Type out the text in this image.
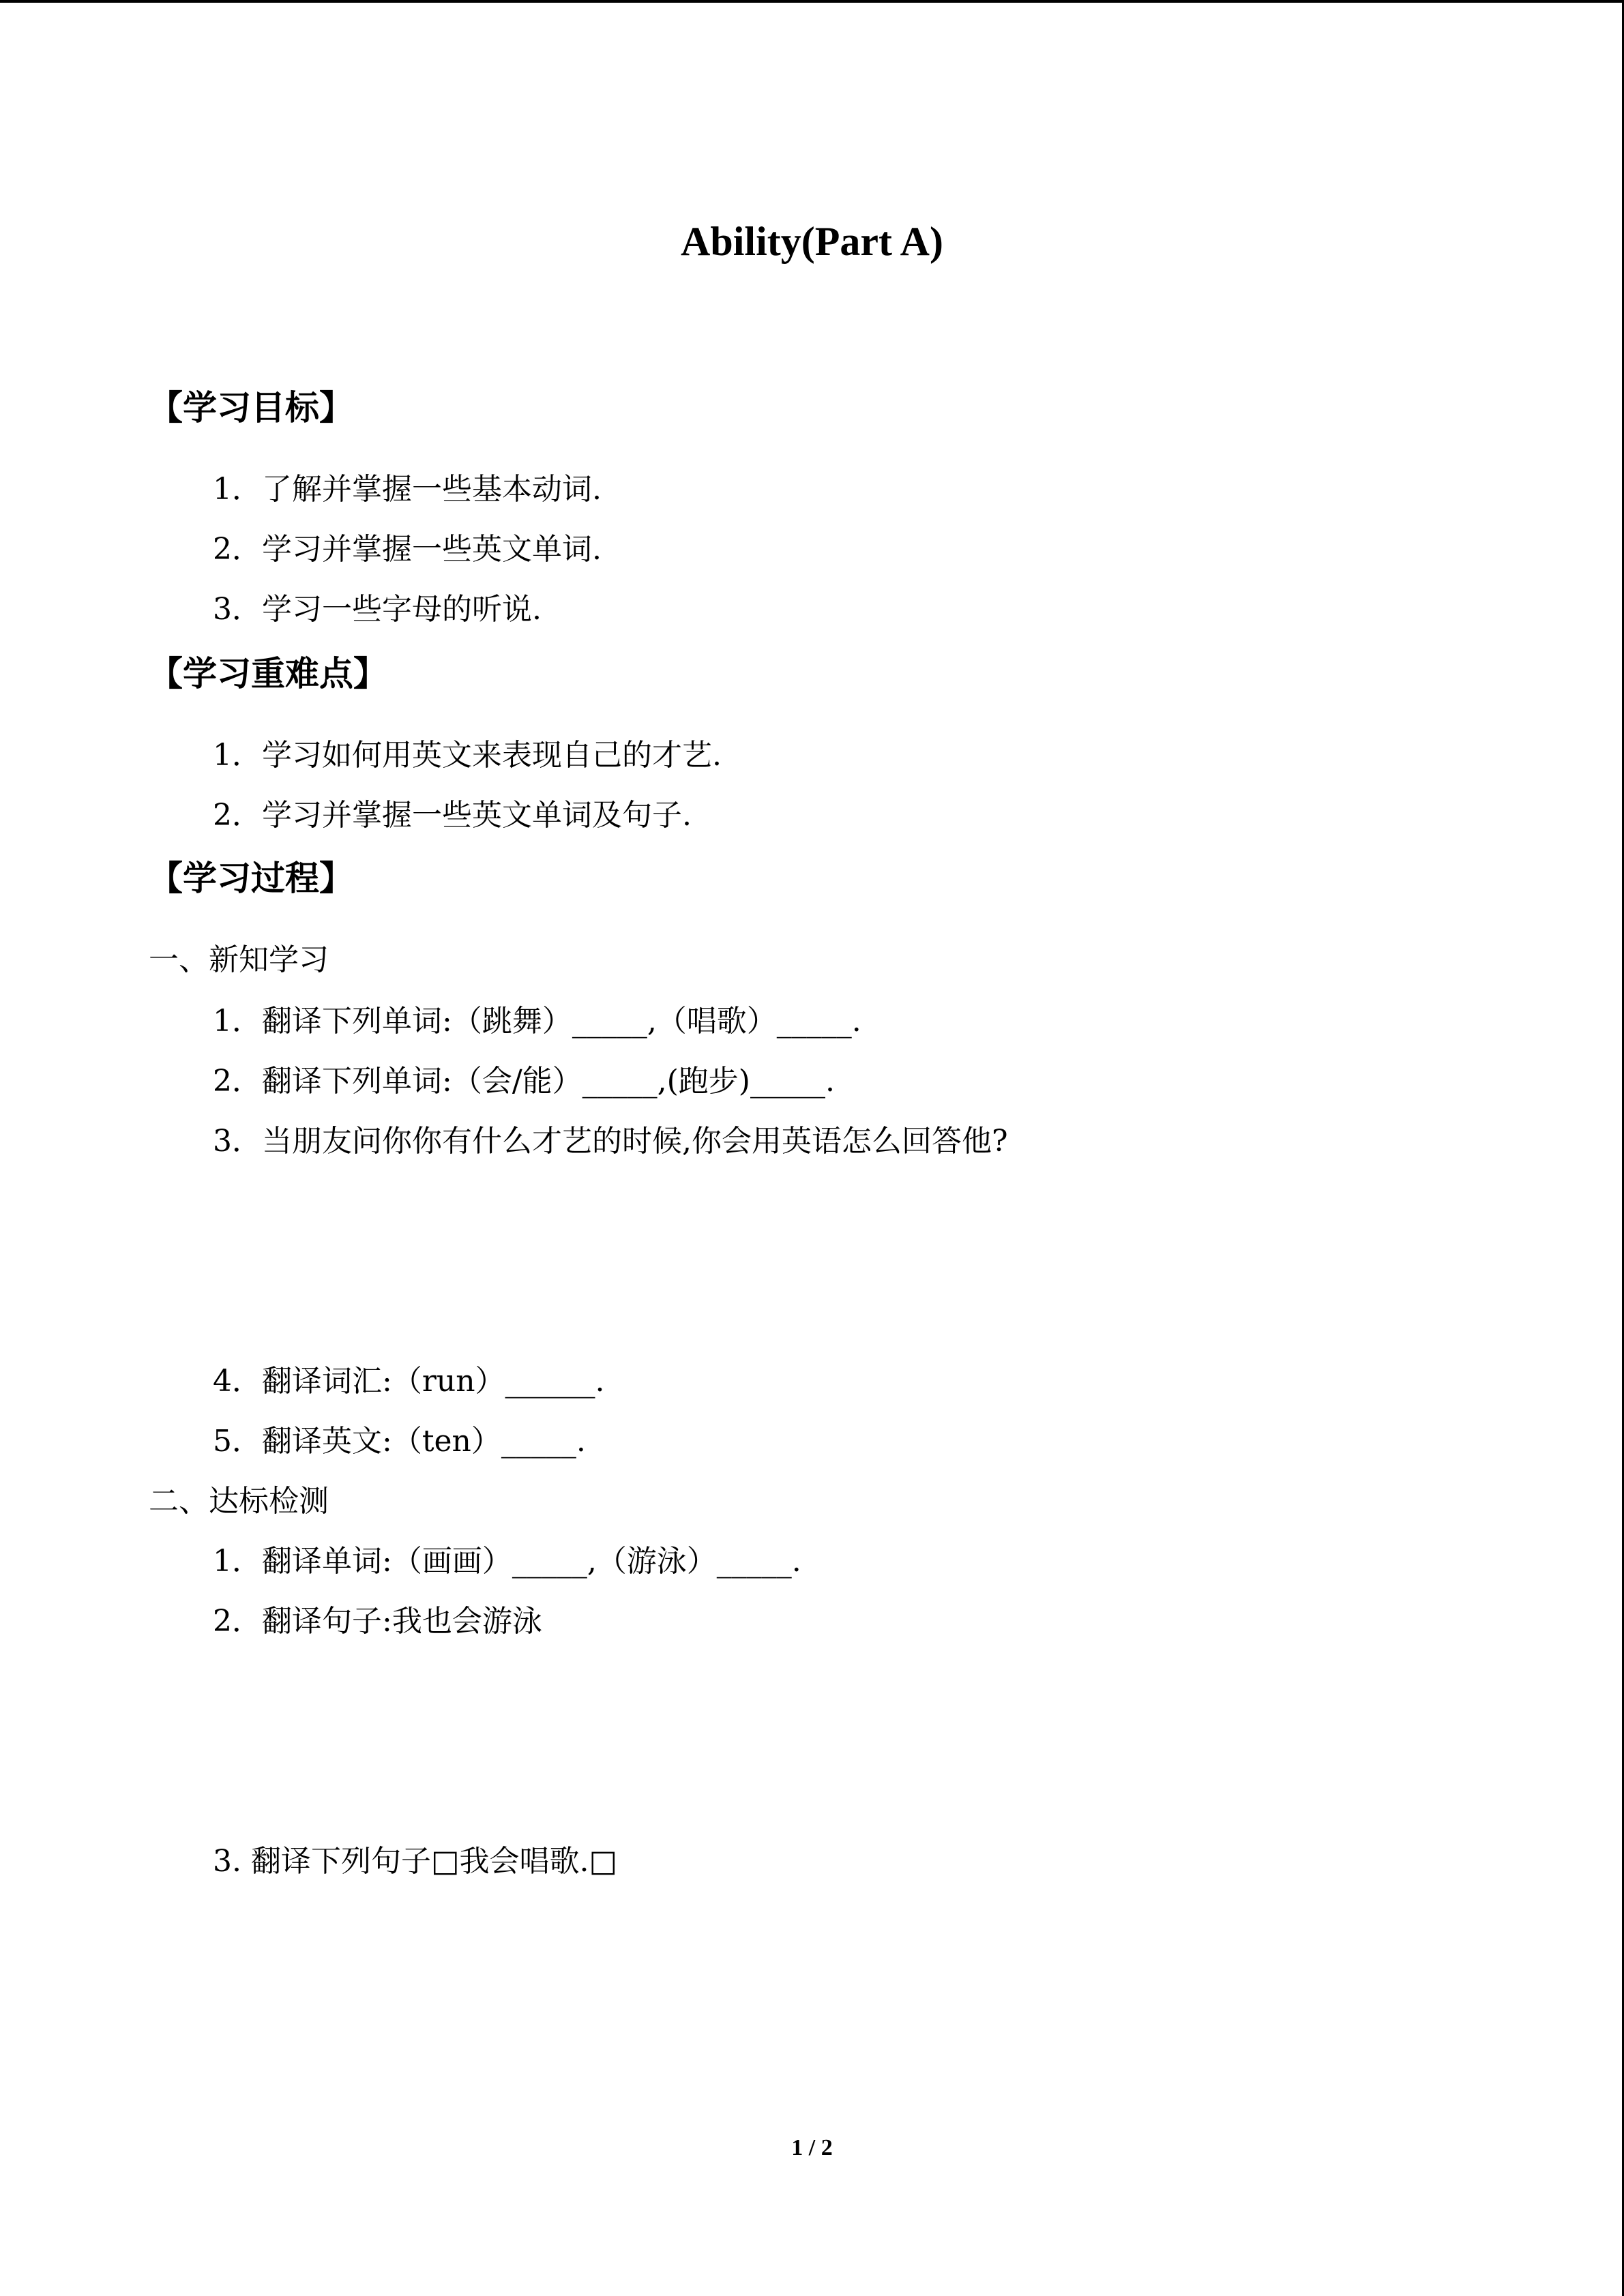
Ability(Part A)
【学习目标】
1．了解并掌握一些基本动词.
2．学习并掌握一些英文单词.
3．学习一些字母的听说.
【学习重难点】
1．学习如何用英文来表现自己的才艺.
2．学习并掌握一些英文单词及句子.
【学习过程】
一、新知学习
1．翻译下列单词:（跳舞）_____,（唱歌）_____.
2．翻译下列单词:（会/能）_____,(跑步)_____.
3．当朋友问你你有什么才艺的时候,你会用英语怎么回答他?
4．翻译词汇:（run）______.
5．翻译英文:（ten）_____.
二、达标检测
1．翻译单词:（画画）_____,（游泳）_____.
2．翻译句子:我也会游泳
3. 翻译下列句子□我会唱歌.□
1 / 2
